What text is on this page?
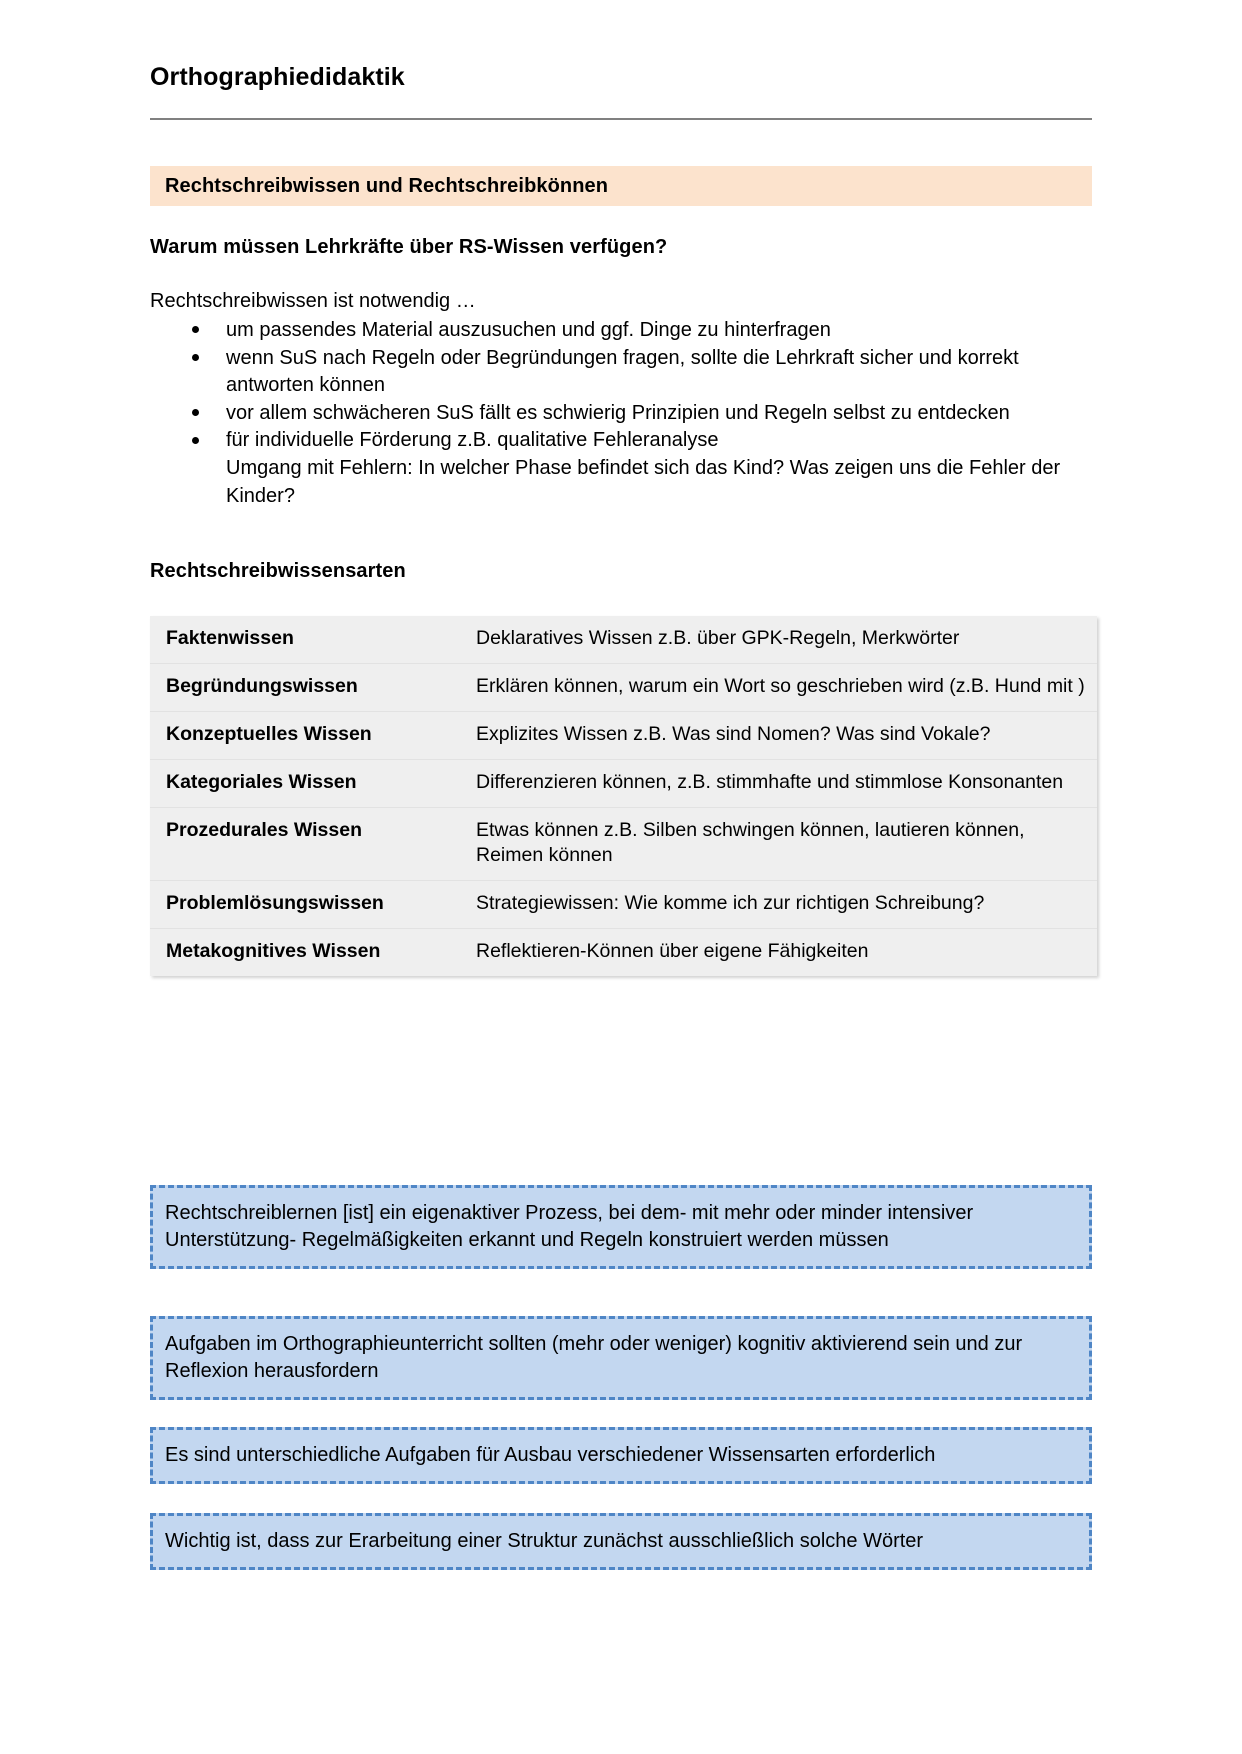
Orthographiedidaktik
Rechtschreibwissen und Rechtschreibkönnen
Warum müssen Lehrkräfte über RS-Wissen verfügen?
Rechtschreibwissen ist notwendig …
um passendes Material auszusuchen und ggf. Dinge zu hinterfragen
wenn SuS nach Regeln oder Begründungen fragen, sollte die Lehrkraft sicher und korrekt antworten können
vor allem schwächeren SuS fällt es schwierig Prinzipien und Regeln selbst zu entdecken
für individuelle Förderung z.B. qualitative Fehleranalyse
Umgang mit Fehlern: In welcher Phase befindet sich das Kind? Was zeigen uns die Fehler der Kinder?
Rechtschreibwissensarten
Faktenwissen	Deklaratives Wissen z.B. über GPK-Regeln, Merkwörter
Begründungswissen	Erklären können, warum ein Wort so geschrieben wird (z.B. Hund mit )
Konzeptuelles Wissen	Explizites Wissen z.B. Was sind Nomen? Was sind Vokale?
Kategoriales Wissen	Differenzieren können, z.B. stimmhafte und stimmlose Konsonanten
Prozedurales Wissen	Etwas können z.B. Silben schwingen können, lautieren können, Reimen können
Problemlösungswissen	Strategiewissen: Wie komme ich zur richtigen Schreibung?
Metakognitives Wissen	Reflektieren-Können über eigene Fähigkeiten
Rechtschreiblernen [ist] ein eigenaktiver Prozess, bei dem- mit mehr oder minder intensiver Unterstützung- Regelmäßigkeiten erkannt und Regeln konstruiert werden müssen
Aufgaben im Orthographieunterricht sollten (mehr oder weniger) kognitiv aktivierend sein und zur Reflexion herausfordern
Es sind unterschiedliche Aufgaben für Ausbau verschiedener Wissensarten erforderlich
Wichtig ist, dass zur Erarbeitung einer Struktur zunächst ausschließlich solche Wörter
